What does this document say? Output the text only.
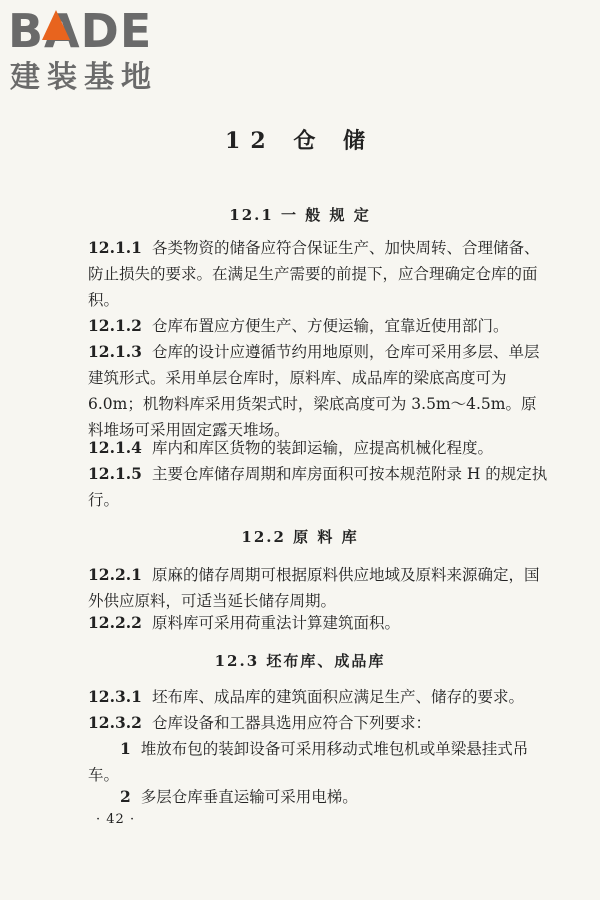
BADE
建装基地
12 仓 储
12.1 一 般 规 定
12.1.1 各类物资的储备应符合保证生产、加快周转、合理储备、防止损失的要求。在满足生产需要的前提下，应合理确定仓库的面积。
12.1.2 仓库布置应方便生产、方便运输，宜靠近使用部门。
12.1.3 仓库的设计应遵循节约用地原则，仓库可采用多层、单层建筑形式。采用单层仓库时，原料库、成品库的梁底高度可为6.0m；机物料库采用货架式时，梁底高度可为 3.5m～4.5m。原料堆场可采用固定露天堆场。
12.1.4 库内和库区货物的装卸运输，应提高机械化程度。
12.1.5 主要仓库储存周期和库房面积可按本规范附录 H 的规定执行。
12.2 原 料 库
12.2.1 原麻的储存周期可根据原料供应地域及原料来源确定，国外供应原料，可适当延长储存周期。
12.2.2 原料库可采用荷重法计算建筑面积。
12.3 坯布库、成品库
12.3.1 坯布库、成品库的建筑面积应满足生产、储存的要求。
12.3.2 仓库设备和工器具选用应符合下列要求：
1 堆放布包的装卸设备可采用移动式堆包机或单梁悬挂式吊车。
2 多层仓库垂直运输可采用电梯。
· 42 ·
